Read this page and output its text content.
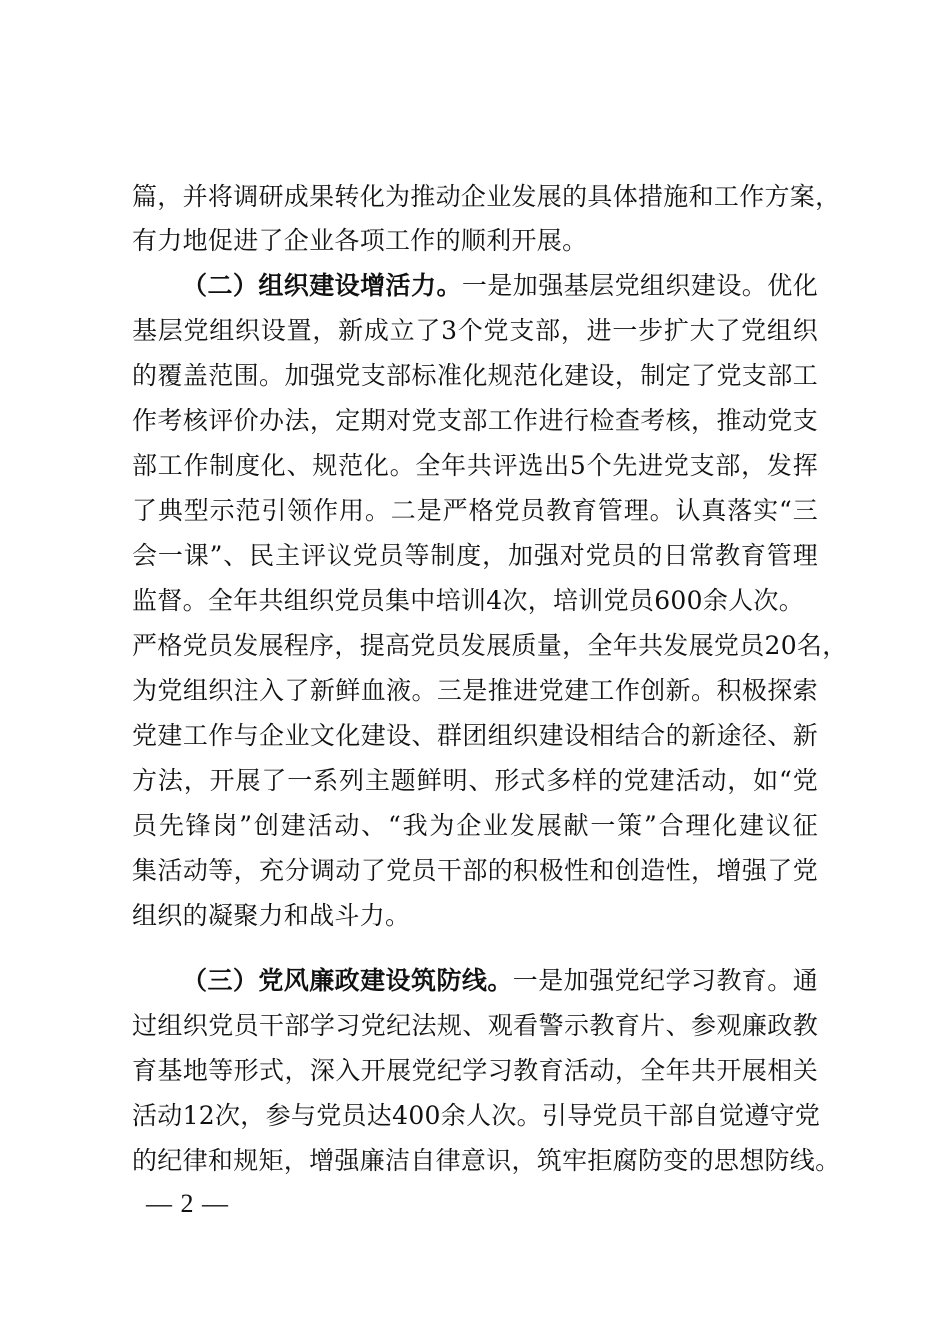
篇，并将调研成果转化为推动企业发展的具体措施和工作方案，
有力地促进了企业各项工作的顺利开展。
（二）组织建设增活力。一是加强基层党组织建设。优化
基层党组织设置，新成立了3个党支部，进一步扩大了党组织
的覆盖范围。加强党支部标准化规范化建设，制定了党支部工
作考核评价办法，定期对党支部工作进行检查考核，推动党支
部工作制度化、规范化。全年共评选出5个先进党支部，发挥
了典型示范引领作用。二是严格党员教育管理。认真落实“三
会一课”、民主评议党员等制度，加强对党员的日常教育管理
监督。全年共组织党员集中培训4次，培训党员600余人次。
严格党员发展程序，提高党员发展质量，全年共发展党员20名，
为党组织注入了新鲜血液。三是推进党建工作创新。积极探索
党建工作与企业文化建设、群团组织建设相结合的新途径、新
方法，开展了一系列主题鲜明、形式多样的党建活动，如“党
员先锋岗”创建活动、“我为企业发展献一策”合理化建议征
集活动等，充分调动了党员干部的积极性和创造性，增强了党
组织的凝聚力和战斗力。
（三）党风廉政建设筑防线。一是加强党纪学习教育。通
过组织党员干部学习党纪法规、观看警示教育片、参观廉政教
育基地等形式，深入开展党纪学习教育活动，全年共开展相关
活动12次，参与党员达400余人次。引导党员干部自觉遵守党
的纪律和规矩，增强廉洁自律意识，筑牢拒腐防变的思想防线。
— 2 —
